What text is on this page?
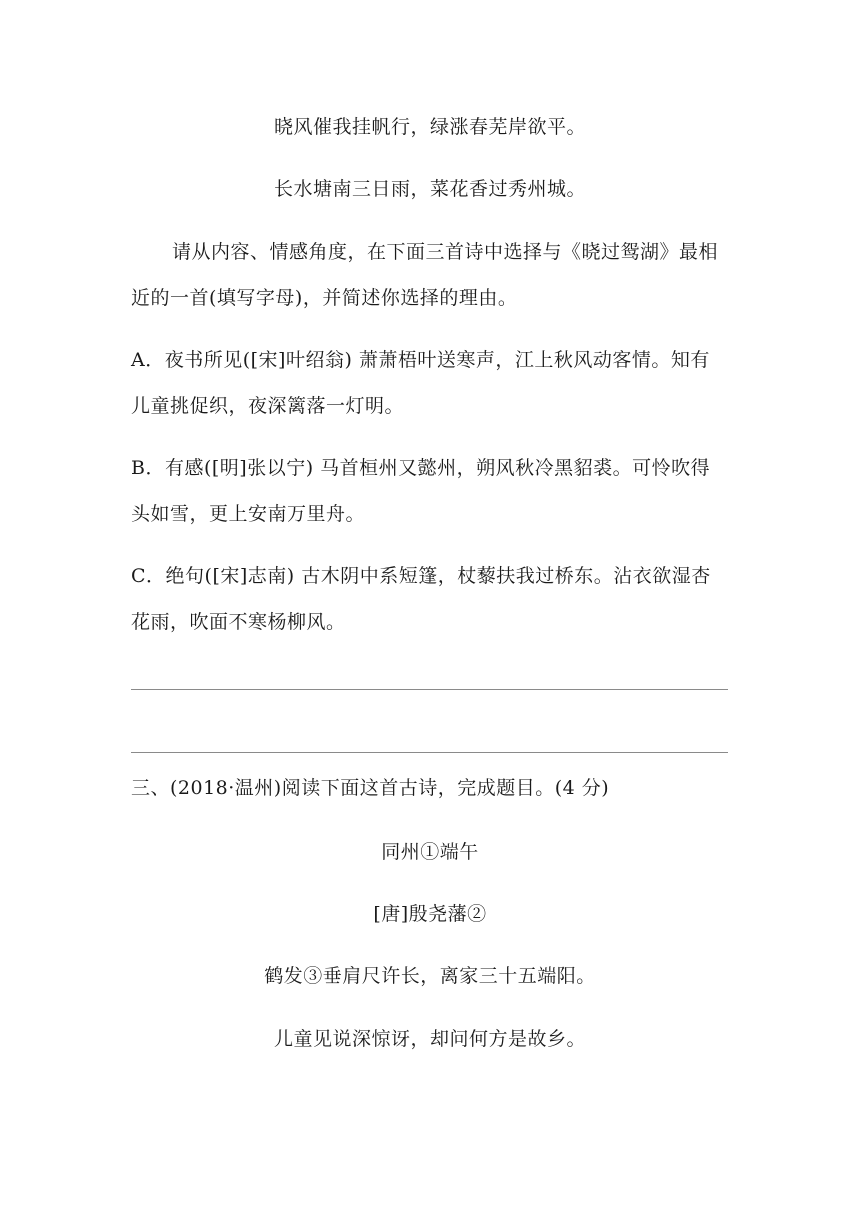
晓风催我挂帆行，绿涨春芜岸欲平。
长水塘南三日雨，菜花香过秀州城。
请从内容、情感角度，在下面三首诗中选择与《晓过鸳湖》最相
近的一首(填写字母)，并简述你选择的理由。
A．夜书所见([宋]叶绍翁) 萧萧梧叶送寒声，江上秋风动客情。知有
儿童挑促织，夜深篱落一灯明。
B．有感([明]张以宁) 马首桓州又懿州，朔风秋冷黑貂裘。可怜吹得
头如雪，更上安南万里舟。
C．绝句([宋]志南) 古木阴中系短篷，杖藜扶我过桥东。沾衣欲湿杏
花雨，吹面不寒杨柳风。
三、(2018·温州)阅读下面这首古诗，完成题目。(4 分)
同州①端午
[唐]殷尧藩②
鹤发③垂肩尺许长，离家三十五端阳。
儿童见说深惊讶，却问何方是故乡。
